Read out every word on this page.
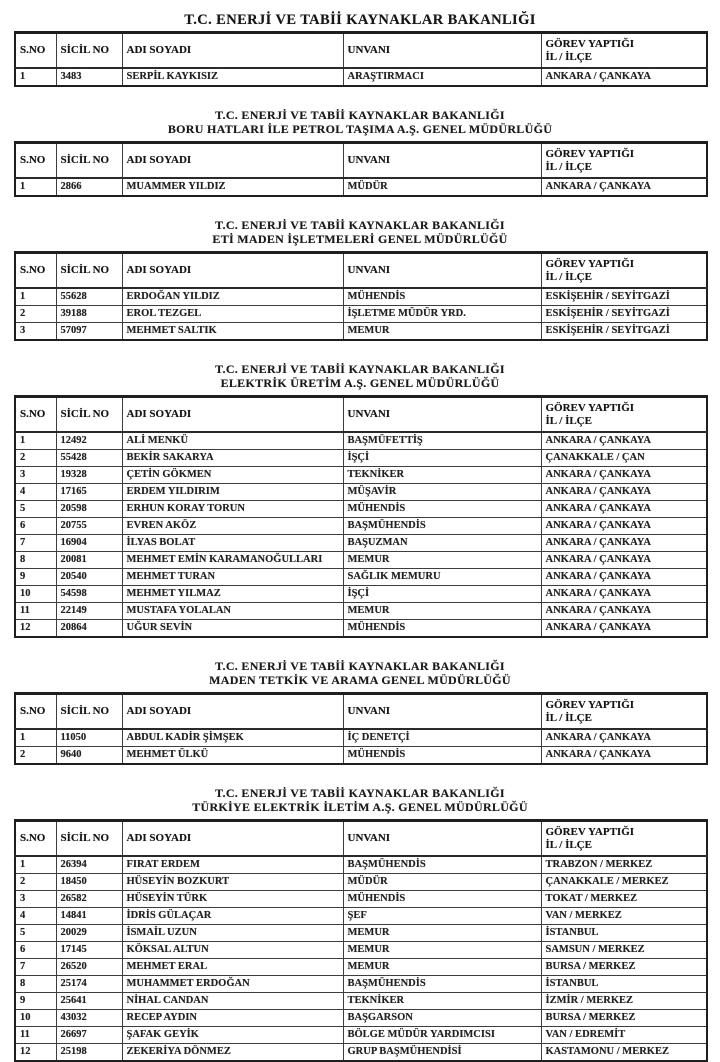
T.C. ENERJİ VE TABİİ KAYNAKLAR BAKANLIĞI
S.NO	SİCİL NO	ADI SOYADI	UNVANI	GÖREV YAPTIĞI
İL / İLÇE

1	3483	SERPİL KAYKISIZ	ARAŞTIRMACI	ANKARA / ÇANKAYA
T.C. ENERJİ VE TABİİ KAYNAKLAR BAKANLIĞI
BORU HATLARI İLE PETROL TAŞIMA A.Ş. GENEL MÜDÜRLÜĞÜ
S.NO	SİCİL NO	ADI SOYADI	UNVANI	GÖREV YAPTIĞI
İL / İLÇE

1	2866	MUAMMER YILDIZ	MÜDÜR	ANKARA / ÇANKAYA
T.C. ENERJİ VE TABİİ KAYNAKLAR BAKANLIĞI
ETİ MADEN İŞLETMELERİ GENEL MÜDÜRLÜĞÜ
S.NO	SİCİL NO	ADI SOYADI	UNVANI	GÖREV YAPTIĞI
İL / İLÇE

1	55628	ERDOĞAN YILDIZ	MÜHENDİS	ESKİŞEHİR / SEYİTGAZİ
2	39188	EROL TEZGEL	İŞLETME MÜDÜR YRD.	ESKİŞEHİR / SEYİTGAZİ
3	57097	MEHMET SALTIK	MEMUR	ESKİŞEHİR / SEYİTGAZİ
T.C. ENERJİ VE TABİİ KAYNAKLAR BAKANLIĞI
ELEKTRİK ÜRETİM A.Ş. GENEL MÜDÜRLÜĞÜ
S.NO	SİCİL NO	ADI SOYADI	UNVANI	GÖREV YAPTIĞI
İL / İLÇE

1	12492	ALİ MENKÜ	BAŞMÜFETTİŞ	ANKARA / ÇANKAYA
2	55428	BEKİR SAKARYA	İŞÇİ	ÇANAKKALE / ÇAN
3	19328	ÇETİN GÖKMEN	TEKNİKER	ANKARA / ÇANKAYA
4	17165	ERDEM YILDIRIM	MÜŞAVİR	ANKARA / ÇANKAYA
5	20598	ERHUN KORAY TORUN	MÜHENDİS	ANKARA / ÇANKAYA
6	20755	EVREN AKÖZ	BAŞMÜHENDİS	ANKARA / ÇANKAYA
7	16904	İLYAS BOLAT	BAŞUZMAN	ANKARA / ÇANKAYA
8	20081	MEHMET EMİN KARAMANOĞULLARI	MEMUR	ANKARA / ÇANKAYA
9	20540	MEHMET TURAN	SAĞLIK MEMURU	ANKARA / ÇANKAYA
10	54598	MEHMET YILMAZ	İŞÇİ	ANKARA / ÇANKAYA
11	22149	MUSTAFA YOLALAN	MEMUR	ANKARA / ÇANKAYA
12	20864	UĞUR SEVİN	MÜHENDİS	ANKARA / ÇANKAYA
T.C. ENERJİ VE TABİİ KAYNAKLAR BAKANLIĞI
MADEN TETKİK VE ARAMA GENEL MÜDÜRLÜĞÜ
S.NO	SİCİL NO	ADI SOYADI	UNVANI	GÖREV YAPTIĞI
İL / İLÇE

1	11050	ABDUL KADİR ŞİMŞEK	İÇ DENETÇİ	ANKARA / ÇANKAYA
2	9640	MEHMET ÜLKÜ	MÜHENDİS	ANKARA / ÇANKAYA
T.C. ENERJİ VE TABİİ KAYNAKLAR BAKANLIĞI
TÜRKİYE ELEKTRİK İLETİM A.Ş. GENEL MÜDÜRLÜĞÜ
S.NO	SİCİL NO	ADI SOYADI	UNVANI	GÖREV YAPTIĞI
İL / İLÇE

1	26394	FIRAT ERDEM	BAŞMÜHENDİS	TRABZON / MERKEZ
2	18450	HÜSEYİN BOZKURT	MÜDÜR	ÇANAKKALE / MERKEZ
3	26582	HÜSEYİN TÜRK	MÜHENDİS	TOKAT / MERKEZ
4	14841	İDRİS GÜLAÇAR	ŞEF	VAN / MERKEZ
5	20029	İSMAİL UZUN	MEMUR	İSTANBUL
6	17145	KÖKSAL ALTUN	MEMUR	SAMSUN / MERKEZ
7	26520	MEHMET ERAL	MEMUR	BURSA / MERKEZ
8	25174	MUHAMMET ERDOĞAN	BAŞMÜHENDİS	İSTANBUL
9	25641	NİHAL CANDAN	TEKNİKER	İZMİR / MERKEZ
10	43032	RECEP AYDIN	BAŞGARSON	BURSA / MERKEZ
11	26697	ŞAFAK GEYİK	BÖLGE MÜDÜR YARDIMCISI	VAN / EDREMİT
12	25198	ZEKERİYA DÖNMEZ	GRUP BAŞMÜHENDİSİ	KASTAMONU / MERKEZ
